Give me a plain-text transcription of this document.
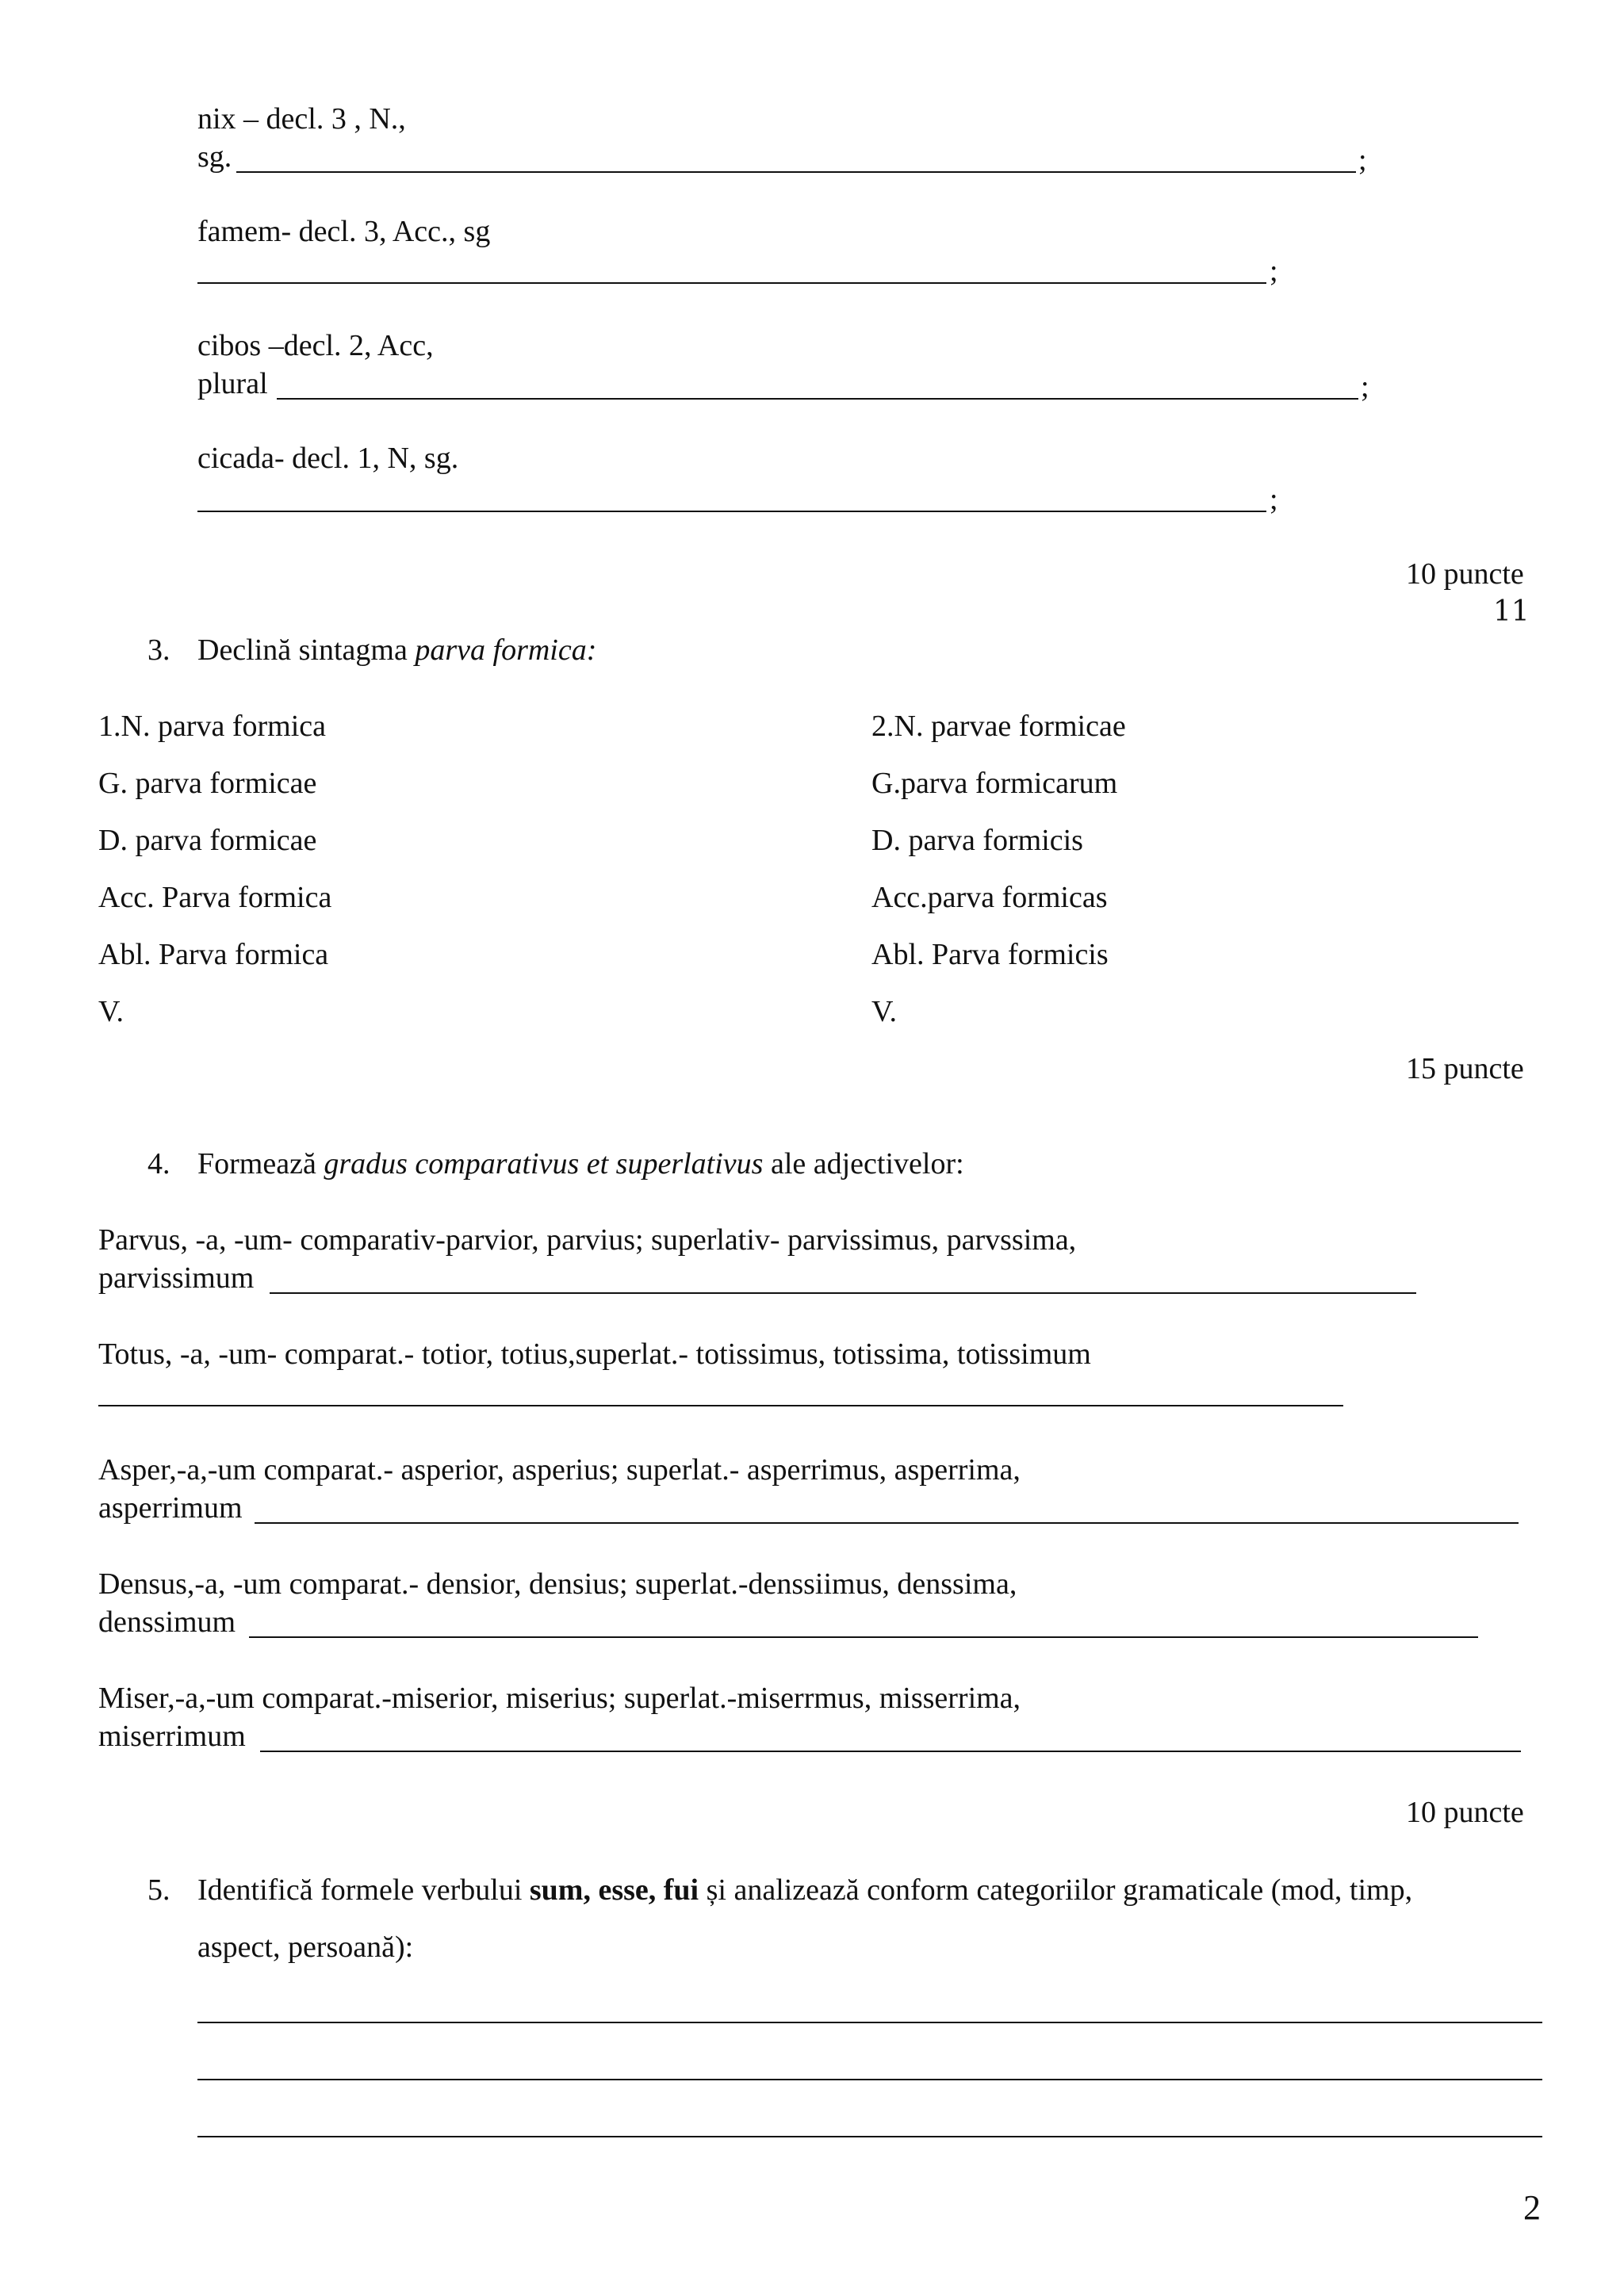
nix – decl. 3 , N.,
sg.	;
famem- decl. 3, Acc., sg
;
cibos –decl. 2, Acc,
plural	;
cicada- decl. 1, N, sg.
;
10 puncte
11
3. Declină sintagma parva formica:
1.N. parva formica
G. parva formicae
D. parva formicae
Acc. Parva formica
Abl. Parva formica
V.
2.N. parvae formicae
G.parva formicarum
D. parva formicis
Acc.parva formicas
Abl. Parva formicis
V.
15 puncte
4. Formează gradus comparativus et superlativus ale adjectivelor:
Parvus, -a, -um- comparativ-parvior, parvius; superlativ- parvissimus, parvssima,
parvissimum
Totus, -a, -um- comparat.- totior, totius,superlat.- totissimus, totissima, totissimum
Asper,-a,-um comparat.- asperior, asperius; superlat.- asperrimus, asperrima,
asperrimum
Densus,-a, -um comparat.- densior, densius; superlat.-denssiimus, denssima,
denssimum
Miser,-a,-um comparat.-miserior, miserius; superlat.-miserrmus, misserrima,
miserrimum
10 puncte
5. Identifică formele verbului sum, esse, fui și analizează conform categoriilor gramaticale (mod, timp,
aspect, persoană):
2
